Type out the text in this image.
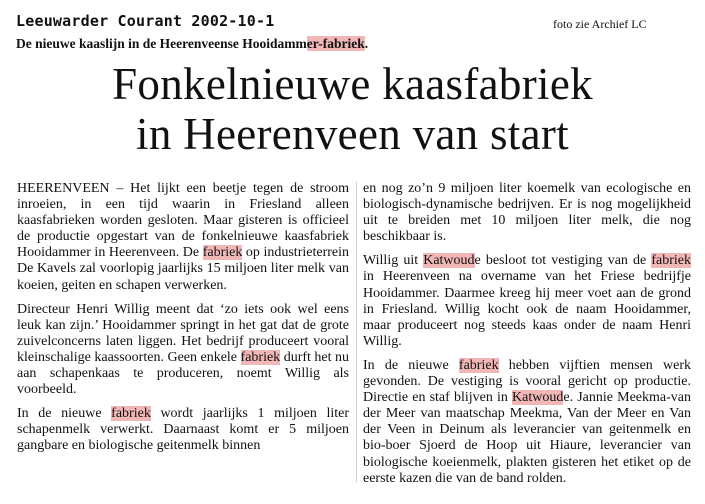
Leeuwarder Courant 2002-10-1	foto zie Archief LC
De nieuwe kaaslijn in de Heerenveense Hooidammer-fabriek.
Fonkelnieuwe kaasfabriek
in Heerenveen van start

HEERENVEEN – Het lijkt een beetje tegen de stroom inroeien, in een tijd waarin in Friesland alleen kaasfabrieken worden gesloten. Maar gisteren is officieel de productie opgestart van de fonkelnieuwe kaasfabriek Hooidammer in Heerenveen. De fabriek op industrieterrein De Kavels zal voorlopig jaarlijks 15 miljoen liter melk van koeien, geiten en schapen verwerken.

Directeur Henri Willig meent dat ‘zo iets ook wel eens leuk kan zijn.’ Hooidammer springt in het gat dat de grote zuivelconcerns laten liggen. Het bedrijf produceert vooral kleinschalige kaassoorten. Geen enkele fabriek durft het nu aan schapenkaas te produceren, noemt Willig als voorbeeld.

In de nieuwe fabriek wordt jaarlijks 1 miljoen liter schapenmelk verwerkt. Daarnaast komt er 5 miljoen gangbare en biologische geitenmelk binnen

en nog zo’n 9 miljoen liter koemelk van ecologische en biologisch-dynamische bedrijven. Er is nog mogelijkheid uit te breiden met 10 miljoen liter melk, die nog beschikbaar is.

Willig uit Katwoude besloot tot vestiging van de fabriek in Heerenveen na overname van het Friese bedrijfje Hooidammer. Daarmee kreeg hij meer voet aan de grond in Friesland. Willig kocht ook de naam Hooidammer, maar produceert nog steeds kaas onder de naam Henri Willig.

In de nieuwe fabriek hebben vijftien mensen werk gevonden. De vestiging is vooral gericht op productie. Directie en staf blijven in Katwoude. Jannie Meekma-van der Meer van maatschap Meekma, Van der Meer en Van der Veen in Deinum als leverancier van geitenmelk en bio-boer Sjoerd de Hoop uit Hiaure, leverancier van biologische koeienmelk, plakten gisteren het etiket op de eerste kazen die van de band rolden.
